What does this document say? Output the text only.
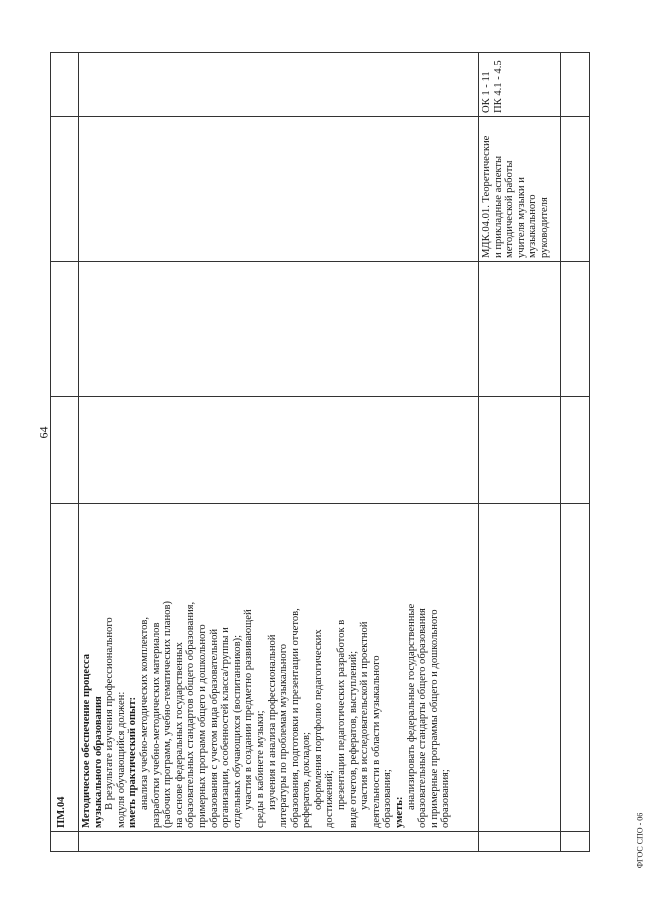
64
ФГОС СПО - 06
ПМ.04 Методическое обеспечение процесса музыкального образования В результате изучения профессионального модуля обучающийся должен: иметь практический опыт: анализа учебно-методических комплектов, разработки учебно-методических материалов (рабочих программ, учебно-тематических планов) на основе федеральных государственных образовательных стандартов общего образования, примерных программ общего и дошкольного образования с учетом вида образовательной организации, особенностей класса/группы и отдельных обучающихся (воспитанников); участия в создании предметно развивающей среды в кабинете музыки; изучения и анализа профессиональной литературы по проблемам музыкального образования, подготовки и презентации отчетов, рефератов, докладов; оформления портфолио педагогических достижений; презентации педагогических разработок в виде отчетов, рефератов, выступлений; участия в исследовательской и проектной деятельности в области музыкального образования; уметь:
анализировать федеральные государственные образовательные стандарты общего образования и примерные программы общего и дошкольного образования;
МДК.04.01. Теоретические и прикладные аспекты методической работы учителя музыки и музыкального руководителя
ОК 1 - 11 ПК 4.1 - 4.5
